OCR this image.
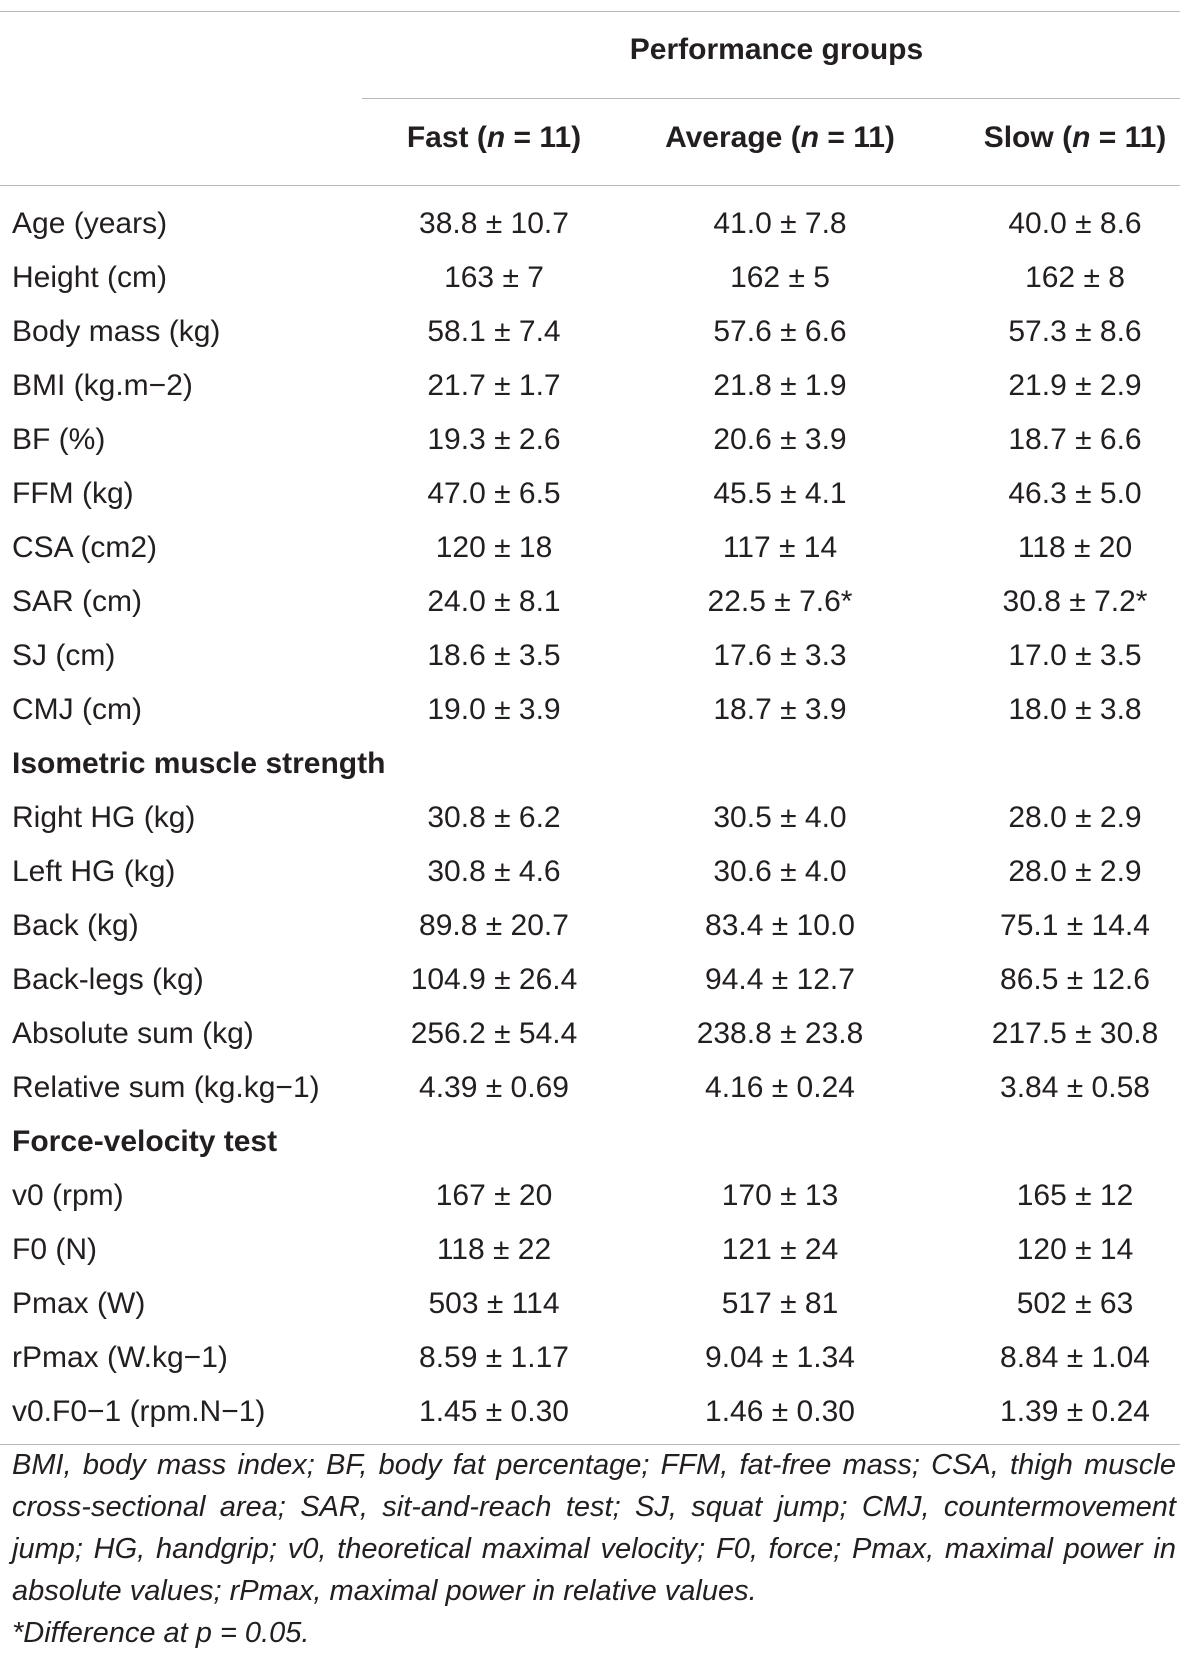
Performance groups
Fast (n = 11)	Average (n = 11)	Slow (n = 11)
Age (years)	38.8 ± 10.7	41.0 ± 7.8	40.0 ± 8.6
Height (cm)	163 ± 7	162 ± 5	162 ± 8
Body mass (kg)	58.1 ± 7.4	57.6 ± 6.6	57.3 ± 8.6
BMI (kg.m−2)	21.7 ± 1.7	21.8 ± 1.9	21.9 ± 2.9
BF (%)	19.3 ± 2.6	20.6 ± 3.9	18.7 ± 6.6
FFM (kg)	47.0 ± 6.5	45.5 ± 4.1	46.3 ± 5.0
CSA (cm2)	120 ± 18	117 ± 14	118 ± 20
SAR (cm)	24.0 ± 8.1	22.5 ± 7.6*	30.8 ± 7.2*
SJ (cm)	18.6 ± 3.5	17.6 ± 3.3	17.0 ± 3.5
CMJ (cm)	19.0 ± 3.9	18.7 ± 3.9	18.0 ± 3.8
Isometric muscle strength
Right HG (kg)	30.8 ± 6.2	30.5 ± 4.0	28.0 ± 2.9
Left HG (kg)	30.8 ± 4.6	30.6 ± 4.0	28.0 ± 2.9
Back (kg)	89.8 ± 20.7	83.4 ± 10.0	75.1 ± 14.4
Back-legs (kg)	104.9 ± 26.4	94.4 ± 12.7	86.5 ± 12.6
Absolute sum (kg)	256.2 ± 54.4	238.8 ± 23.8	217.5 ± 30.8
Relative sum (kg.kg−1)	4.39 ± 0.69	4.16 ± 0.24	3.84 ± 0.58
Force-velocity test
v0 (rpm)	167 ± 20	170 ± 13	165 ± 12
F0 (N)	118 ± 22	121 ± 24	120 ± 14
Pmax (W)	503 ± 114	517 ± 81	502 ± 63
rPmax (W.kg−1)	8.59 ± 1.17	9.04 ± 1.34	8.84 ± 1.04
v0.F0−1 (rpm.N−1)	1.45 ± 0.30	1.46 ± 0.30	1.39 ± 0.24
BMI, body mass index; BF, body fat percentage; FFM, fat-free mass; CSA, thigh muscle cross-sectional area; SAR, sit-and-reach test; SJ, squat jump; CMJ, countermovement jump; HG, handgrip; v0, theoretical maximal velocity; F0, force; Pmax, maximal power in absolute values; rPmax, maximal power in relative values.
*Difference at p = 0.05.
